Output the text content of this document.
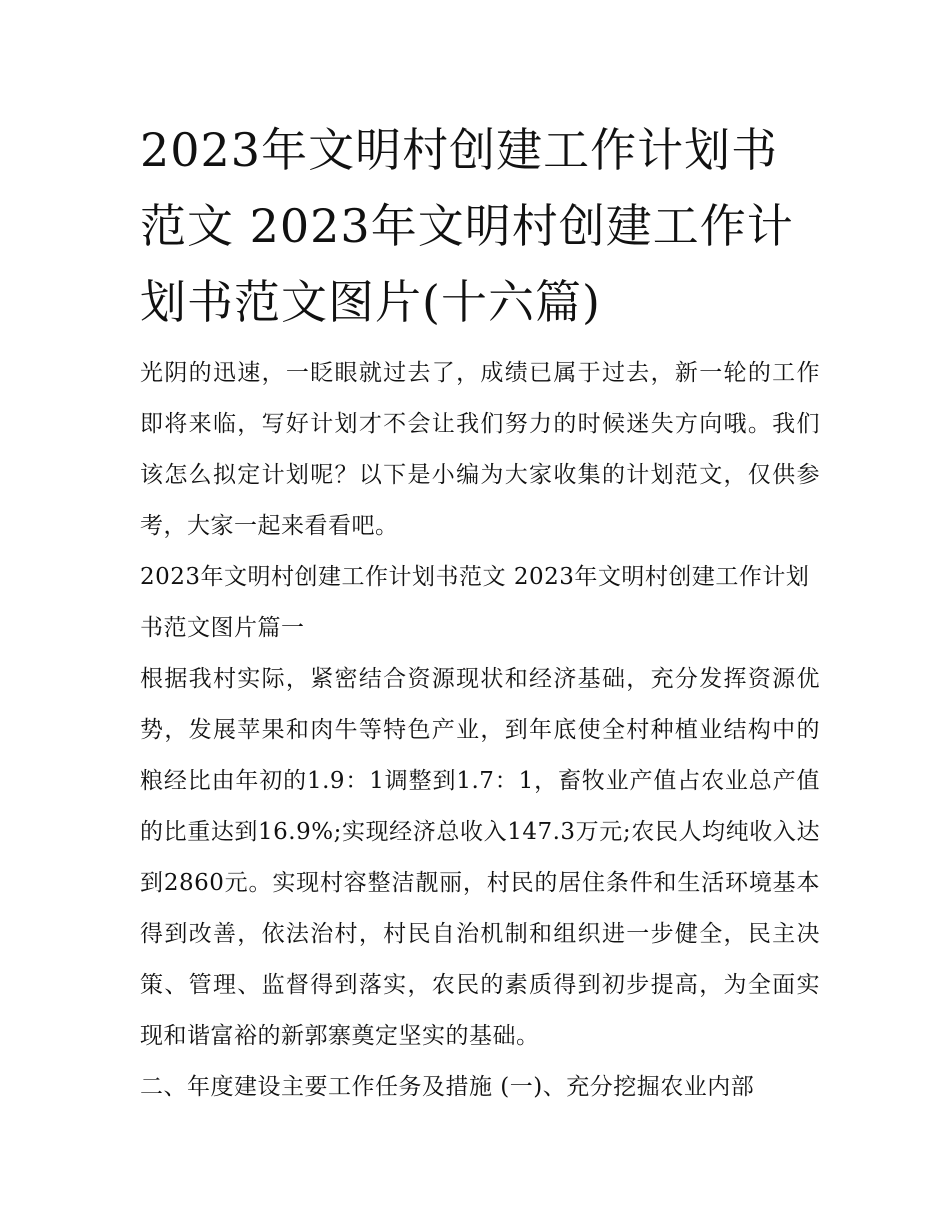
2023年文明村创建工作计划书范文 2023年文明村创建工作计划书范文图片(十六篇)

光阴的迅速，一眨眼就过去了，成绩已属于过去，新一轮的工作即将来临，写好计划才不会让我们努力的时候迷失方向哦。我们该怎么拟定计划呢？以下是小编为大家收集的计划范文，仅供参考，大家一起来看看吧。

2023年文明村创建工作计划书范文 2023年文明村创建工作计划书范文图片篇一

根据我村实际，紧密结合资源现状和经济基础，充分发挥资源优势，发展苹果和肉牛等特色产业，到年底使全村种植业结构中的粮经比由年初的1.9：1调整到1.7：1，畜牧业产值占农业总产值的比重达到16.9%;实现经济总收入147.3万元;农民人均纯收入达到2860元。实现村容整洁靓丽，村民的居住条件和生活环境基本得到改善，依法治村，村民自治机制和组织进一步健全，民主决策、管理、监督得到落实，农民的素质得到初步提高，为全面实现和谐富裕的新郭寨奠定坚实的基础。

二、年度建设主要工作任务及措施 (一)、充分挖掘农业内部
